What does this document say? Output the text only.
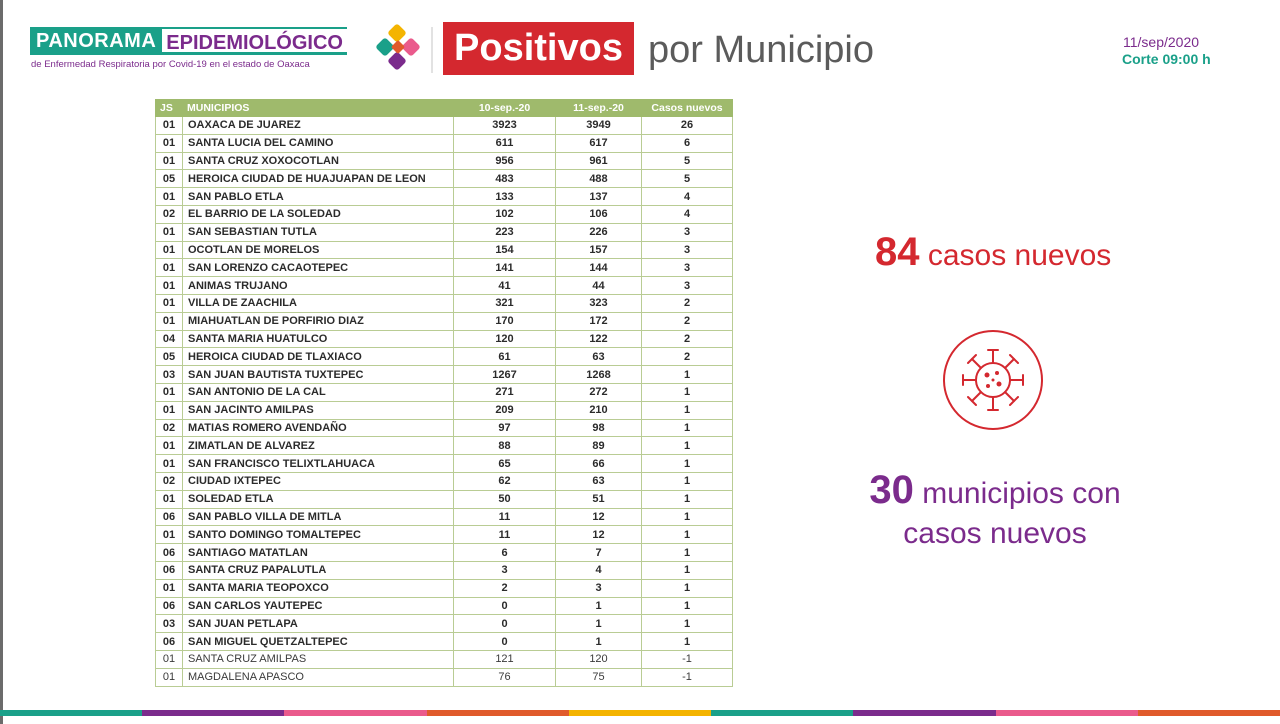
PANORAMA EPIDEMIOLÓGICO
de Enfermedad Respiratoria por Covid-19 en el estado de Oaxaca	Positivos por Municipio	11/sep/2020
Corte 09:00 h
JS	MUNICIPIOS	10-sep.-20	11-sep.-20	Casos nuevos
01	OAXACA DE JUAREZ	3923	3949	26
01	SANTA LUCIA DEL CAMINO	611	617	6
01	SANTA CRUZ XOXOCOTLAN	956	961	5
05	HEROICA CIUDAD DE HUAJUAPAN DE LEON	483	488	5
01	SAN PABLO ETLA	133	137	4
02	EL BARRIO DE LA SOLEDAD	102	106	4
01	SAN SEBASTIAN TUTLA	223	226	3
01	OCOTLAN DE MORELOS	154	157	3
01	SAN LORENZO CACAOTEPEC	141	144	3
01	ANIMAS TRUJANO	41	44	3
01	VILLA DE ZAACHILA	321	323	2
01	MIAHUATLAN DE PORFIRIO DIAZ	170	172	2
04	SANTA MARIA HUATULCO	120	122	2
05	HEROICA CIUDAD DE TLAXIACO	61	63	2
03	SAN JUAN BAUTISTA TUXTEPEC	1267	1268	1
01	SAN ANTONIO DE LA CAL	271	272	1
01	SAN JACINTO AMILPAS	209	210	1
02	MATIAS ROMERO AVENDAÑO	97	98	1
01	ZIMATLAN DE ALVAREZ	88	89	1
01	SAN FRANCISCO TELIXTLAHUACA	65	66	1
02	CIUDAD IXTEPEC	62	63	1
01	SOLEDAD ETLA	50	51	1
06	SAN PABLO VILLA DE MITLA	11	12	1
01	SANTO DOMINGO TOMALTEPEC	11	12	1
06	SANTIAGO MATATLAN	6	7	1
06	SANTA CRUZ PAPALUTLA	3	4	1
01	SANTA MARIA TEOPOXCO	2	3	1
06	SAN CARLOS YAUTEPEC	0	1	1
03	SAN JUAN PETLAPA	0	1	1
06	SAN MIGUEL QUETZALTEPEC	0	1	1
01	SANTA CRUZ AMILPAS	121	120	-1
01	MAGDALENA APASCO	76	75	-1
84 casos nuevos
30 municipios con
casos nuevos
